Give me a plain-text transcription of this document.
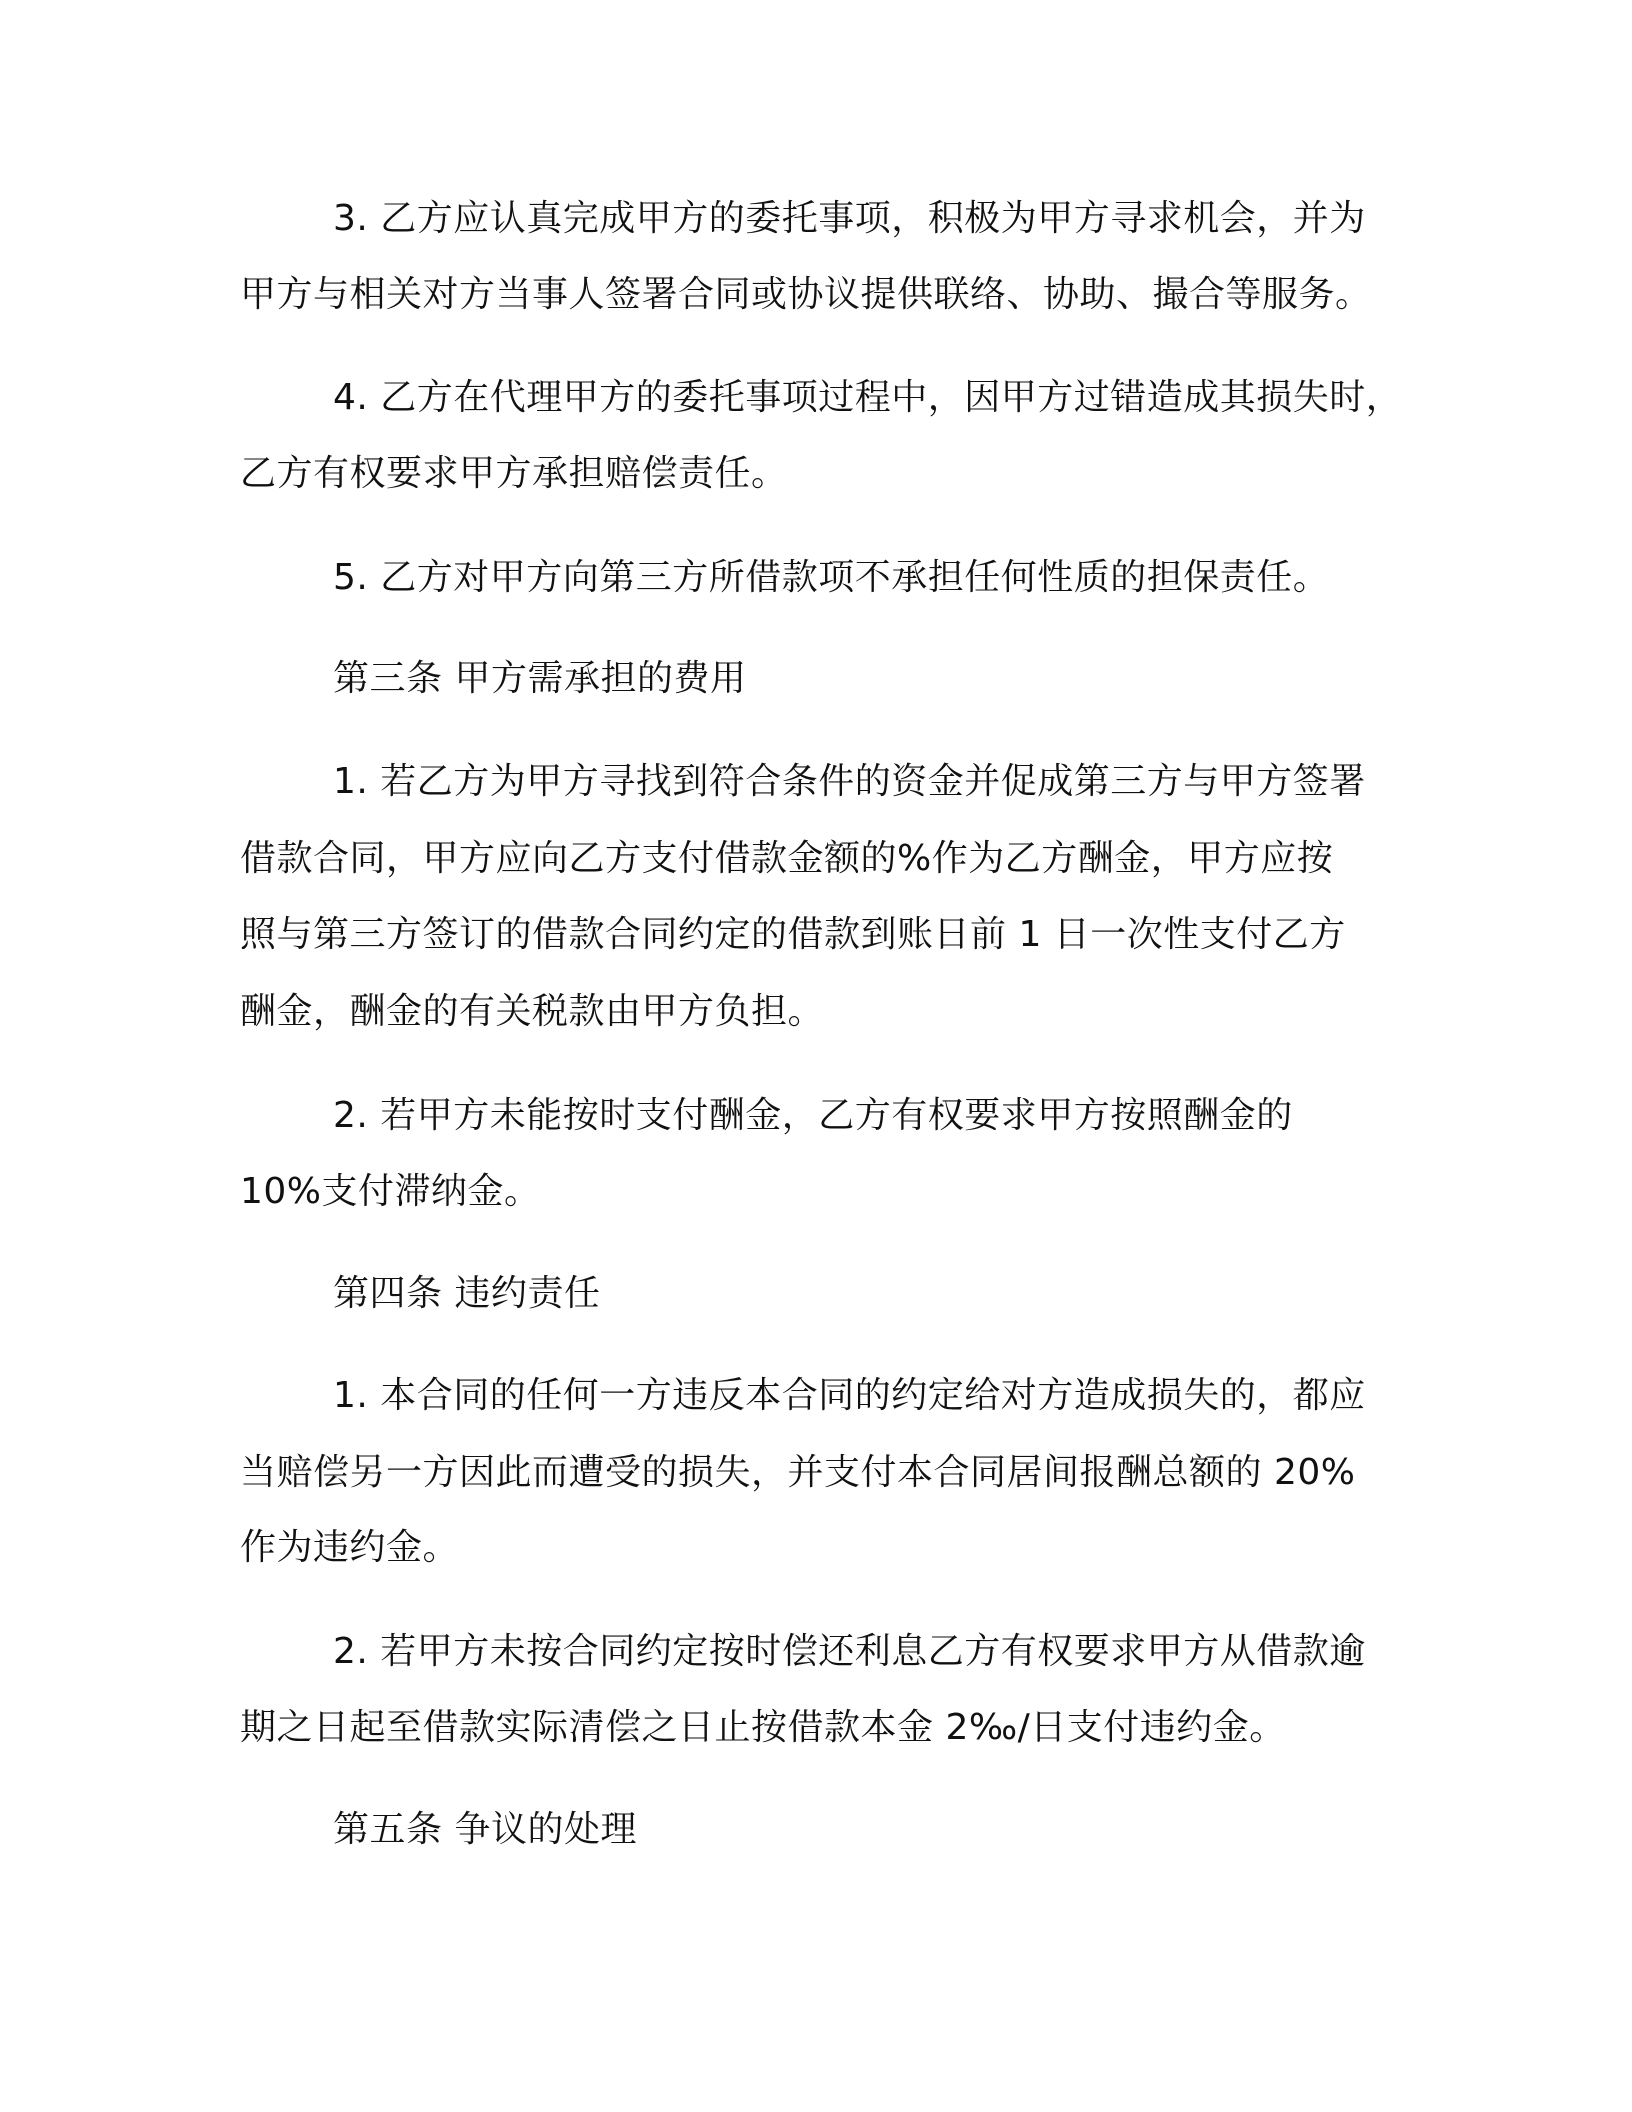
3. 乙方应认真完成甲方的委托事项，积极为甲方寻求机会，并为
甲方与相关对方当事人签署合同或协议提供联络、协助、撮合等服务。
4. 乙方在代理甲方的委托事项过程中，因甲方过错造成其损失时，
乙方有权要求甲方承担赔偿责任。
5. 乙方对甲方向第三方所借款项不承担任何性质的担保责任。
第三条 甲方需承担的费用
1. 若乙方为甲方寻找到符合条件的资金并促成第三方与甲方签署
借款合同，甲方应向乙方支付借款金额的%作为乙方酬金，甲方应按
照与第三方签订的借款合同约定的借款到账日前 1 日一次性支付乙方
酬金，酬金的有关税款由甲方负担。
2. 若甲方未能按时支付酬金，乙方有权要求甲方按照酬金的
10%支付滞纳金。
第四条 违约责任
1. 本合同的任何一方违反本合同的约定给对方造成损失的，都应
当赔偿另一方因此而遭受的损失，并支付本合同居间报酬总额的 20%
作为违约金。
2. 若甲方未按合同约定按时偿还利息乙方有权要求甲方从借款逾
期之日起至借款实际清偿之日止按借款本金 2‰/日支付违约金。
第五条 争议的处理
